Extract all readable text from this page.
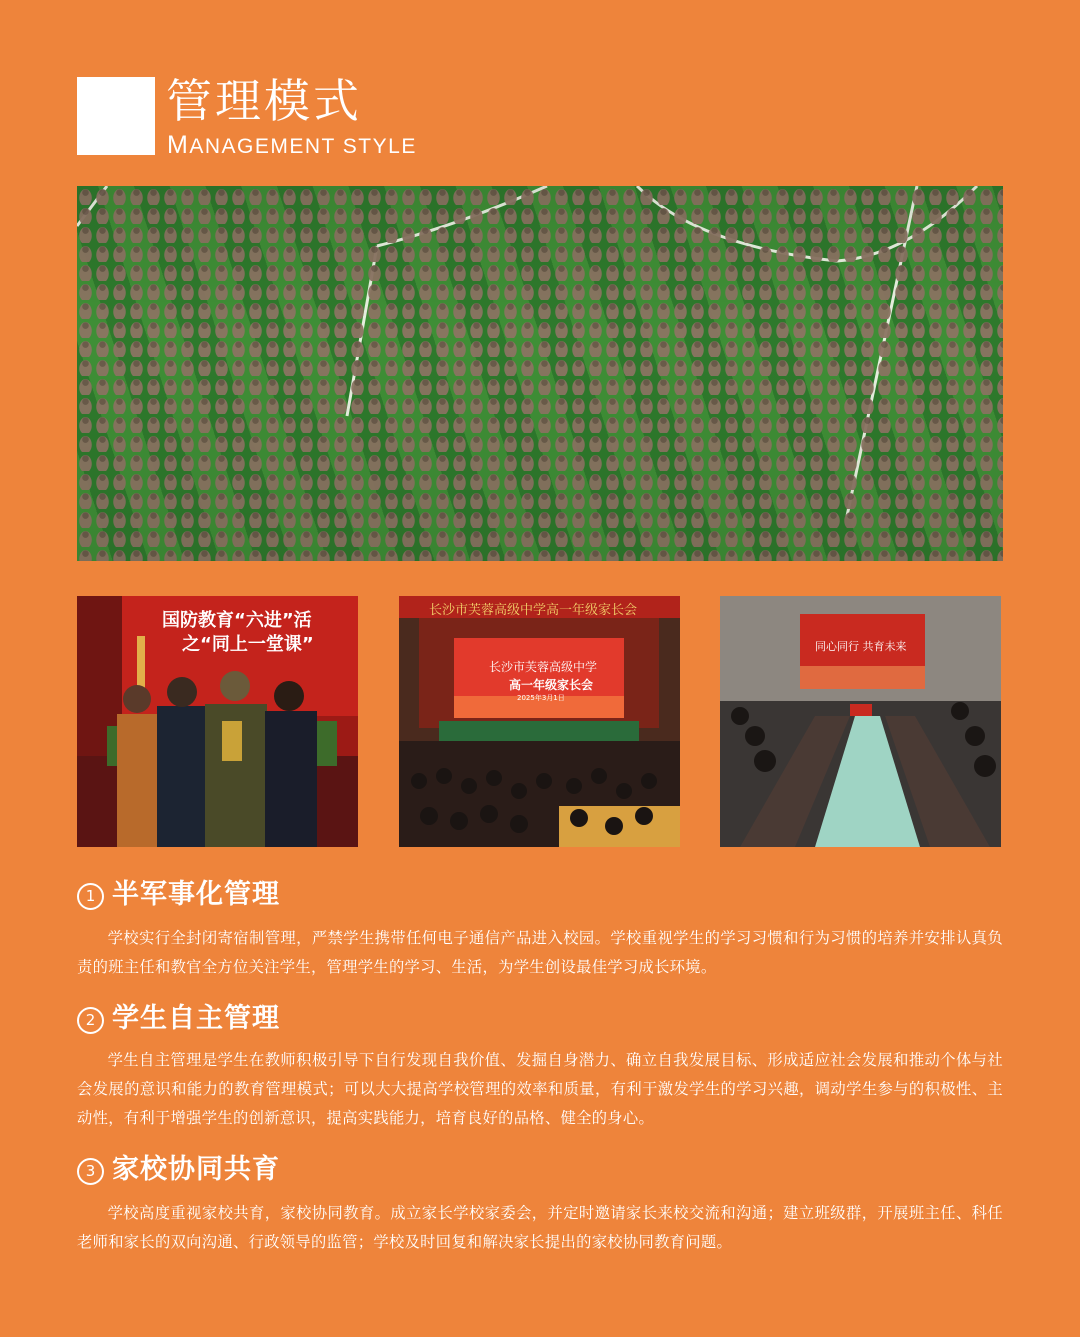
管理模式
MANAGEMENT STYLE
国防教育“六进”活
之“同上一堂课”
长沙市芙蓉高级中学高一年级家长会
长沙市芙蓉高级中学
高一年级家长会
2025年3月1日
同心同行 共育未来
1 半军事化管理
学校实行全封闭寄宿制管理，严禁学生携带任何电子通信产品进入校园。学校重视学生的学习习惯和行为习惯的培养并安排认真负责的班主任和教官全方位关注学生，管理学生的学习、生活，为学生创设最佳学习成长环境。
2 学生自主管理
学生自主管理是学生在教师积极引导下自行发现自我价值、发掘自身潜力、确立自我发展目标、形成适应社会发展和推动个体与社会发展的意识和能力的教育管理模式；可以大大提高学校管理的效率和质量，有利于激发学生的学习兴趣，调动学生参与的积极性、主动性，有利于增强学生的创新意识，提高实践能力，培育良好的品格、健全的身心。
3 家校协同共育
学校高度重视家校共育，家校协同教育。成立家长学校家委会，并定时邀请家长来校交流和沟通；建立班级群，开展班主任、科任老师和家长的双向沟通、行政领导的监管；学校及时回复和解决家长提出的家校协同教育问题。
